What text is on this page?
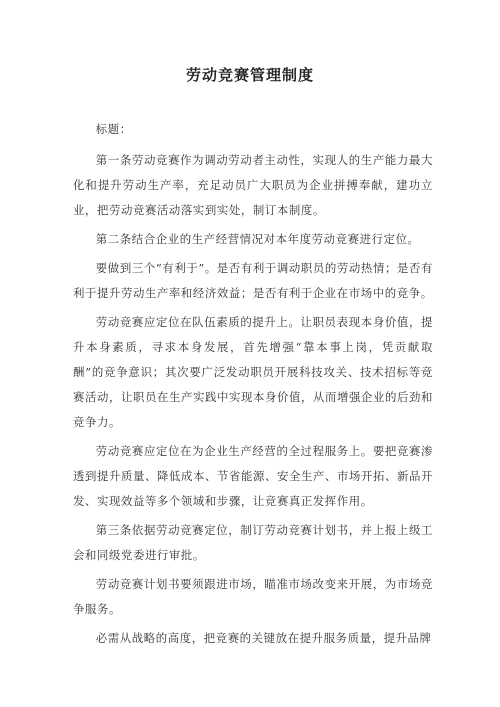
劳动竞赛管理制度

标题：

第一条劳动竞赛作为调动劳动者主动性，实现人的生产能力最大化和提升劳动生产率，充足动员广大职员为企业拼搏奉献，建功立业，把劳动竞赛活动落实到实处，制订本制度。

第二条结合企业的生产经营情况对本年度劳动竞赛进行定位。

要做到三个“有利于”。是否有利于调动职员的劳动热情；是否有利于提升劳动生产率和经济效益；是否有利于企业在市场中的竞争。

劳动竞赛应定位在队伍素质的提升上。让职员表现本身价值，提升本身素质，寻求本身发展，首先增强“靠本事上岗，凭贡献取酬”的竞争意识；其次要广泛发动职员开展科技攻关、技术招标等竞赛活动，让职员在生产实践中实现本身价值，从而增强企业的后劲和竞争力。

劳动竞赛应定位在为企业生产经营的全过程服务上。要把竞赛渗透到提升质量、降低成本、节省能源、安全生产、市场开拓、新品开发、实现效益等多个领域和步骤，让竞赛真正发挥作用。

第三条依据劳动竞赛定位，制订劳动竞赛计划书，并上报上级工会和同级党委进行审批。

劳动竞赛计划书要须跟进市场，瞄准市场改变来开展，为市场竞争服务。

必需从战略的高度，把竞赛的关键放在提升服务质量，提升品牌
